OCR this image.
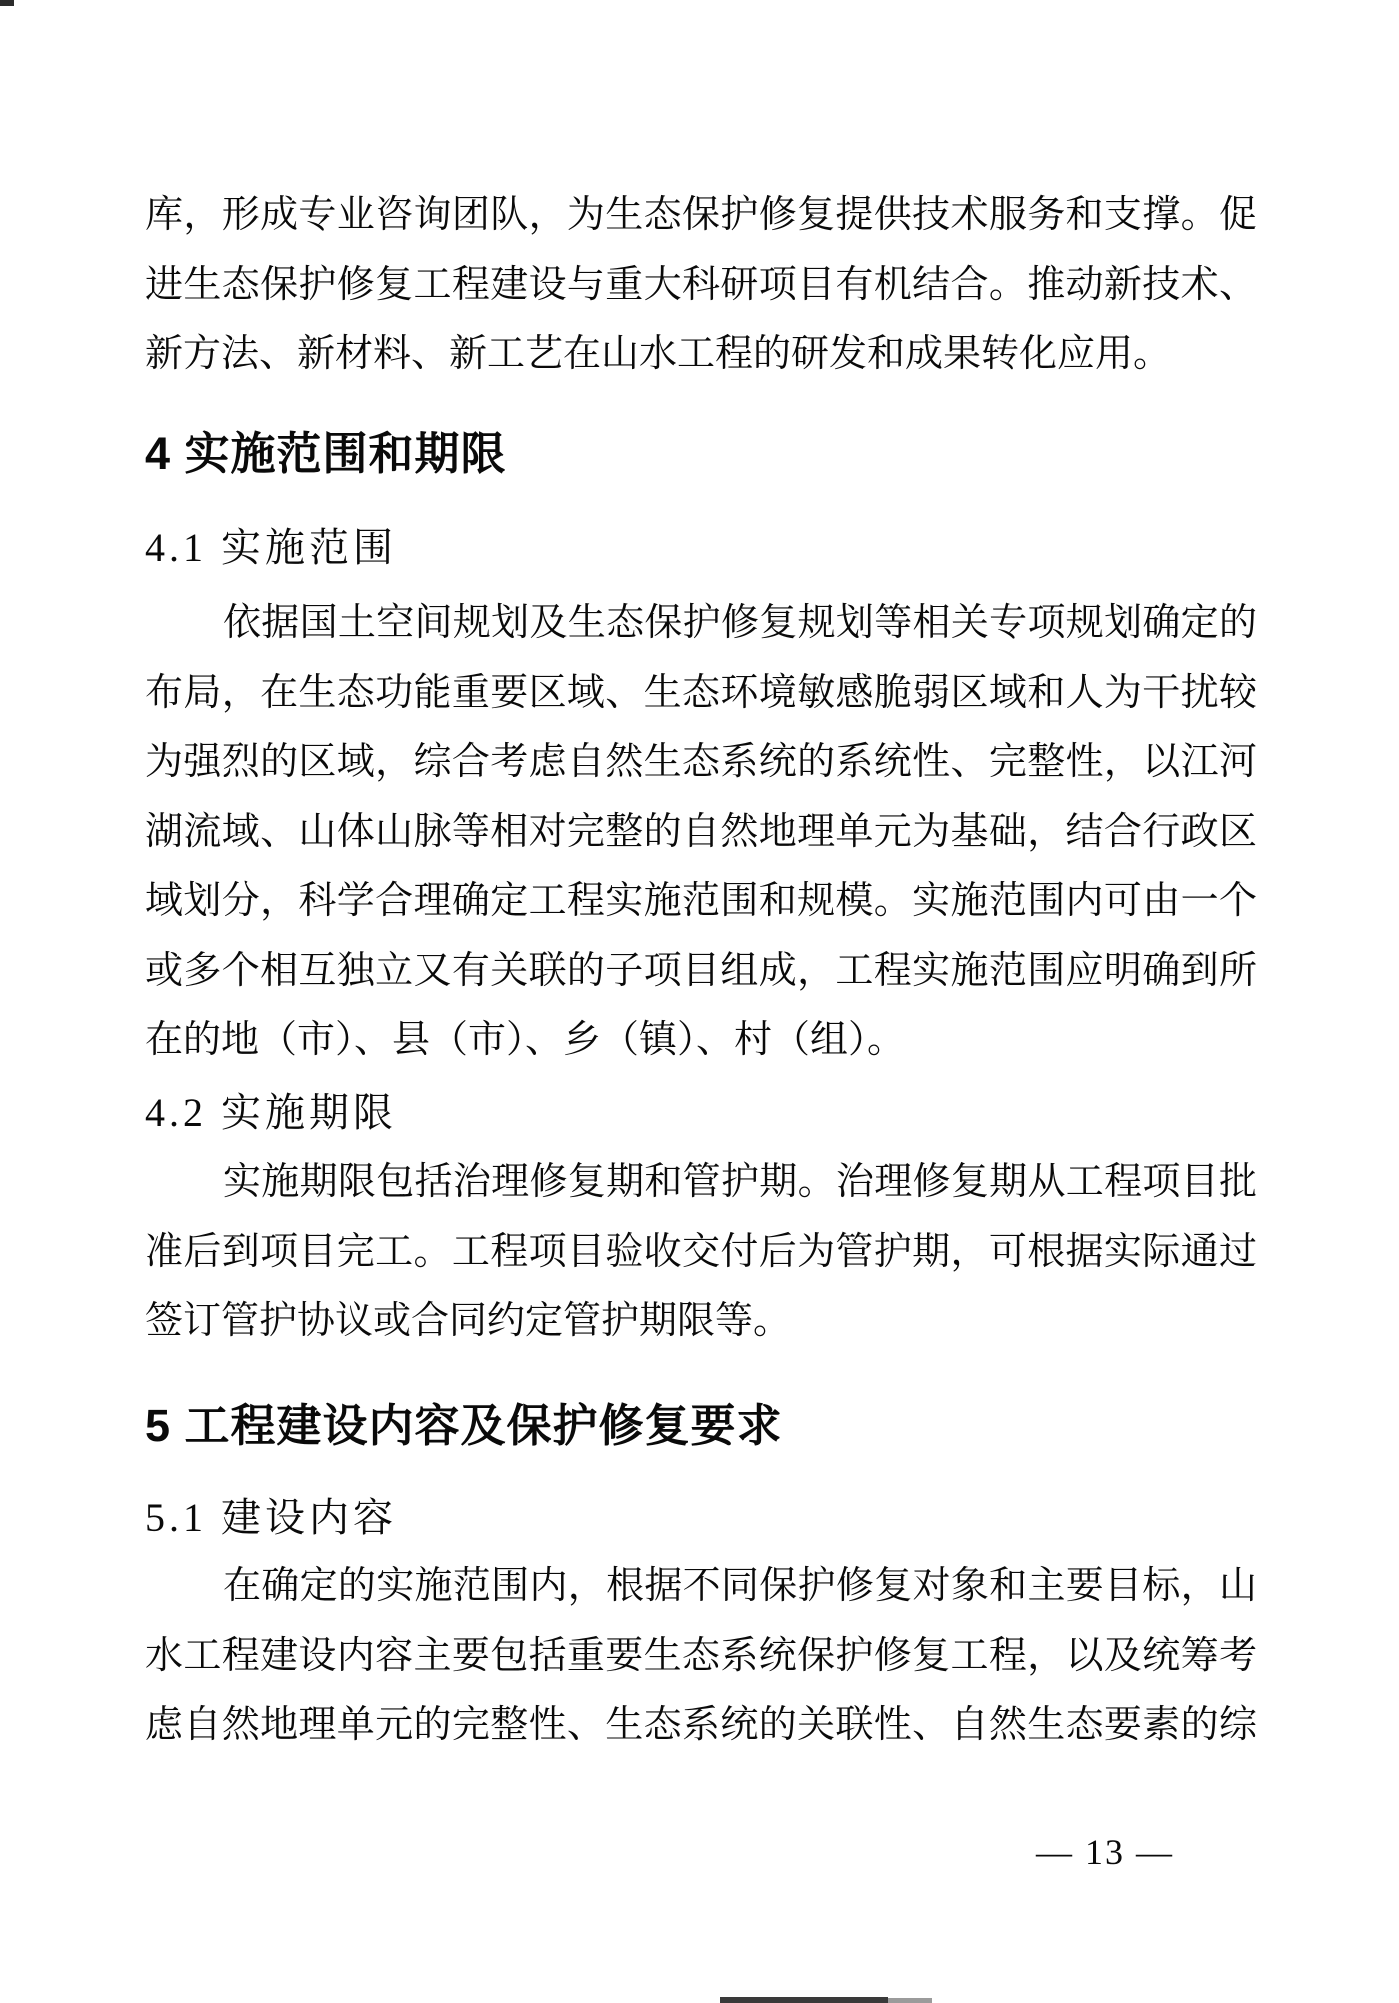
库，形成专业咨询团队，为生态保护修复提供技术服务和支撑。促
进生态保护修复工程建设与重大科研项目有机结合。推动新技术、
新方法、新材料、新工艺在山水工程的研发和成果转化应用。
4 实施范围和期限
4.1 实施范围
依据国土空间规划及生态保护修复规划等相关专项规划确定的
布局，在生态功能重要区域、生态环境敏感脆弱区域和人为干扰较
为强烈的区域，综合考虑自然生态系统的系统性、完整性，以江河
湖流域、山体山脉等相对完整的自然地理单元为基础，结合行政区
域划分，科学合理确定工程实施范围和规模。实施范围内可由一个
或多个相互独立又有关联的子项目组成，工程实施范围应明确到所
在的地（市）、县（市）、乡（镇）、村（组）。
4.2 实施期限
实施期限包括治理修复期和管护期。治理修复期从工程项目批
准后到项目完工。工程项目验收交付后为管护期，可根据实际通过
签订管护协议或合同约定管护期限等。
5 工程建设内容及保护修复要求
5.1 建设内容
在确定的实施范围内，根据不同保护修复对象和主要目标，山
水工程建设内容主要包括重要生态系统保护修复工程，以及统筹考
虑自然地理单元的完整性、生态系统的关联性、自然生态要素的综
— 13 —
